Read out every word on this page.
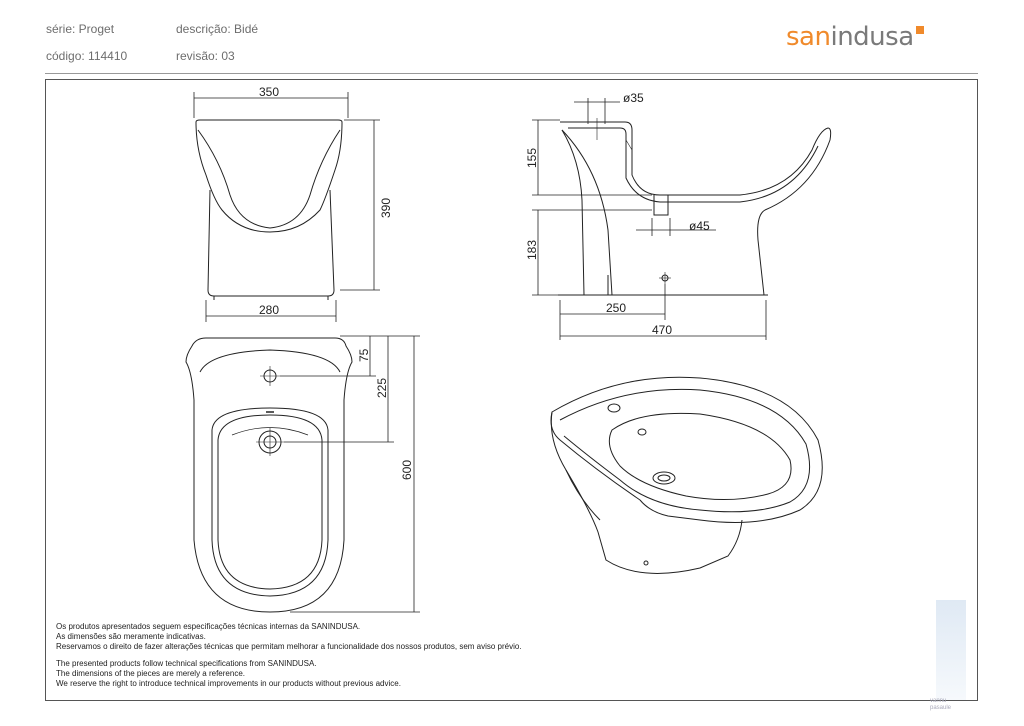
série: Proget
código: 114410
descrição: Bidé
revisão: 03
sanindusa
350
390
280
ø35
155
183
ø45
250
470
75
225
600

Os produtos apresentados seguem especificações técnicas internas da SANINDUSA.

As dimensões são meramente indicativas.

Reservamos o direito de fazer alterações técnicas que permitam melhorar a funcionalidade dos nossos produtos, sem aviso prévio.

The presented products follow technical specifications from SANINDUSA.

The dimensions of the pieces are merely a reference.

We reserve the right to introduce technical improvements in our products without previous advice.

vannu
pasaule
